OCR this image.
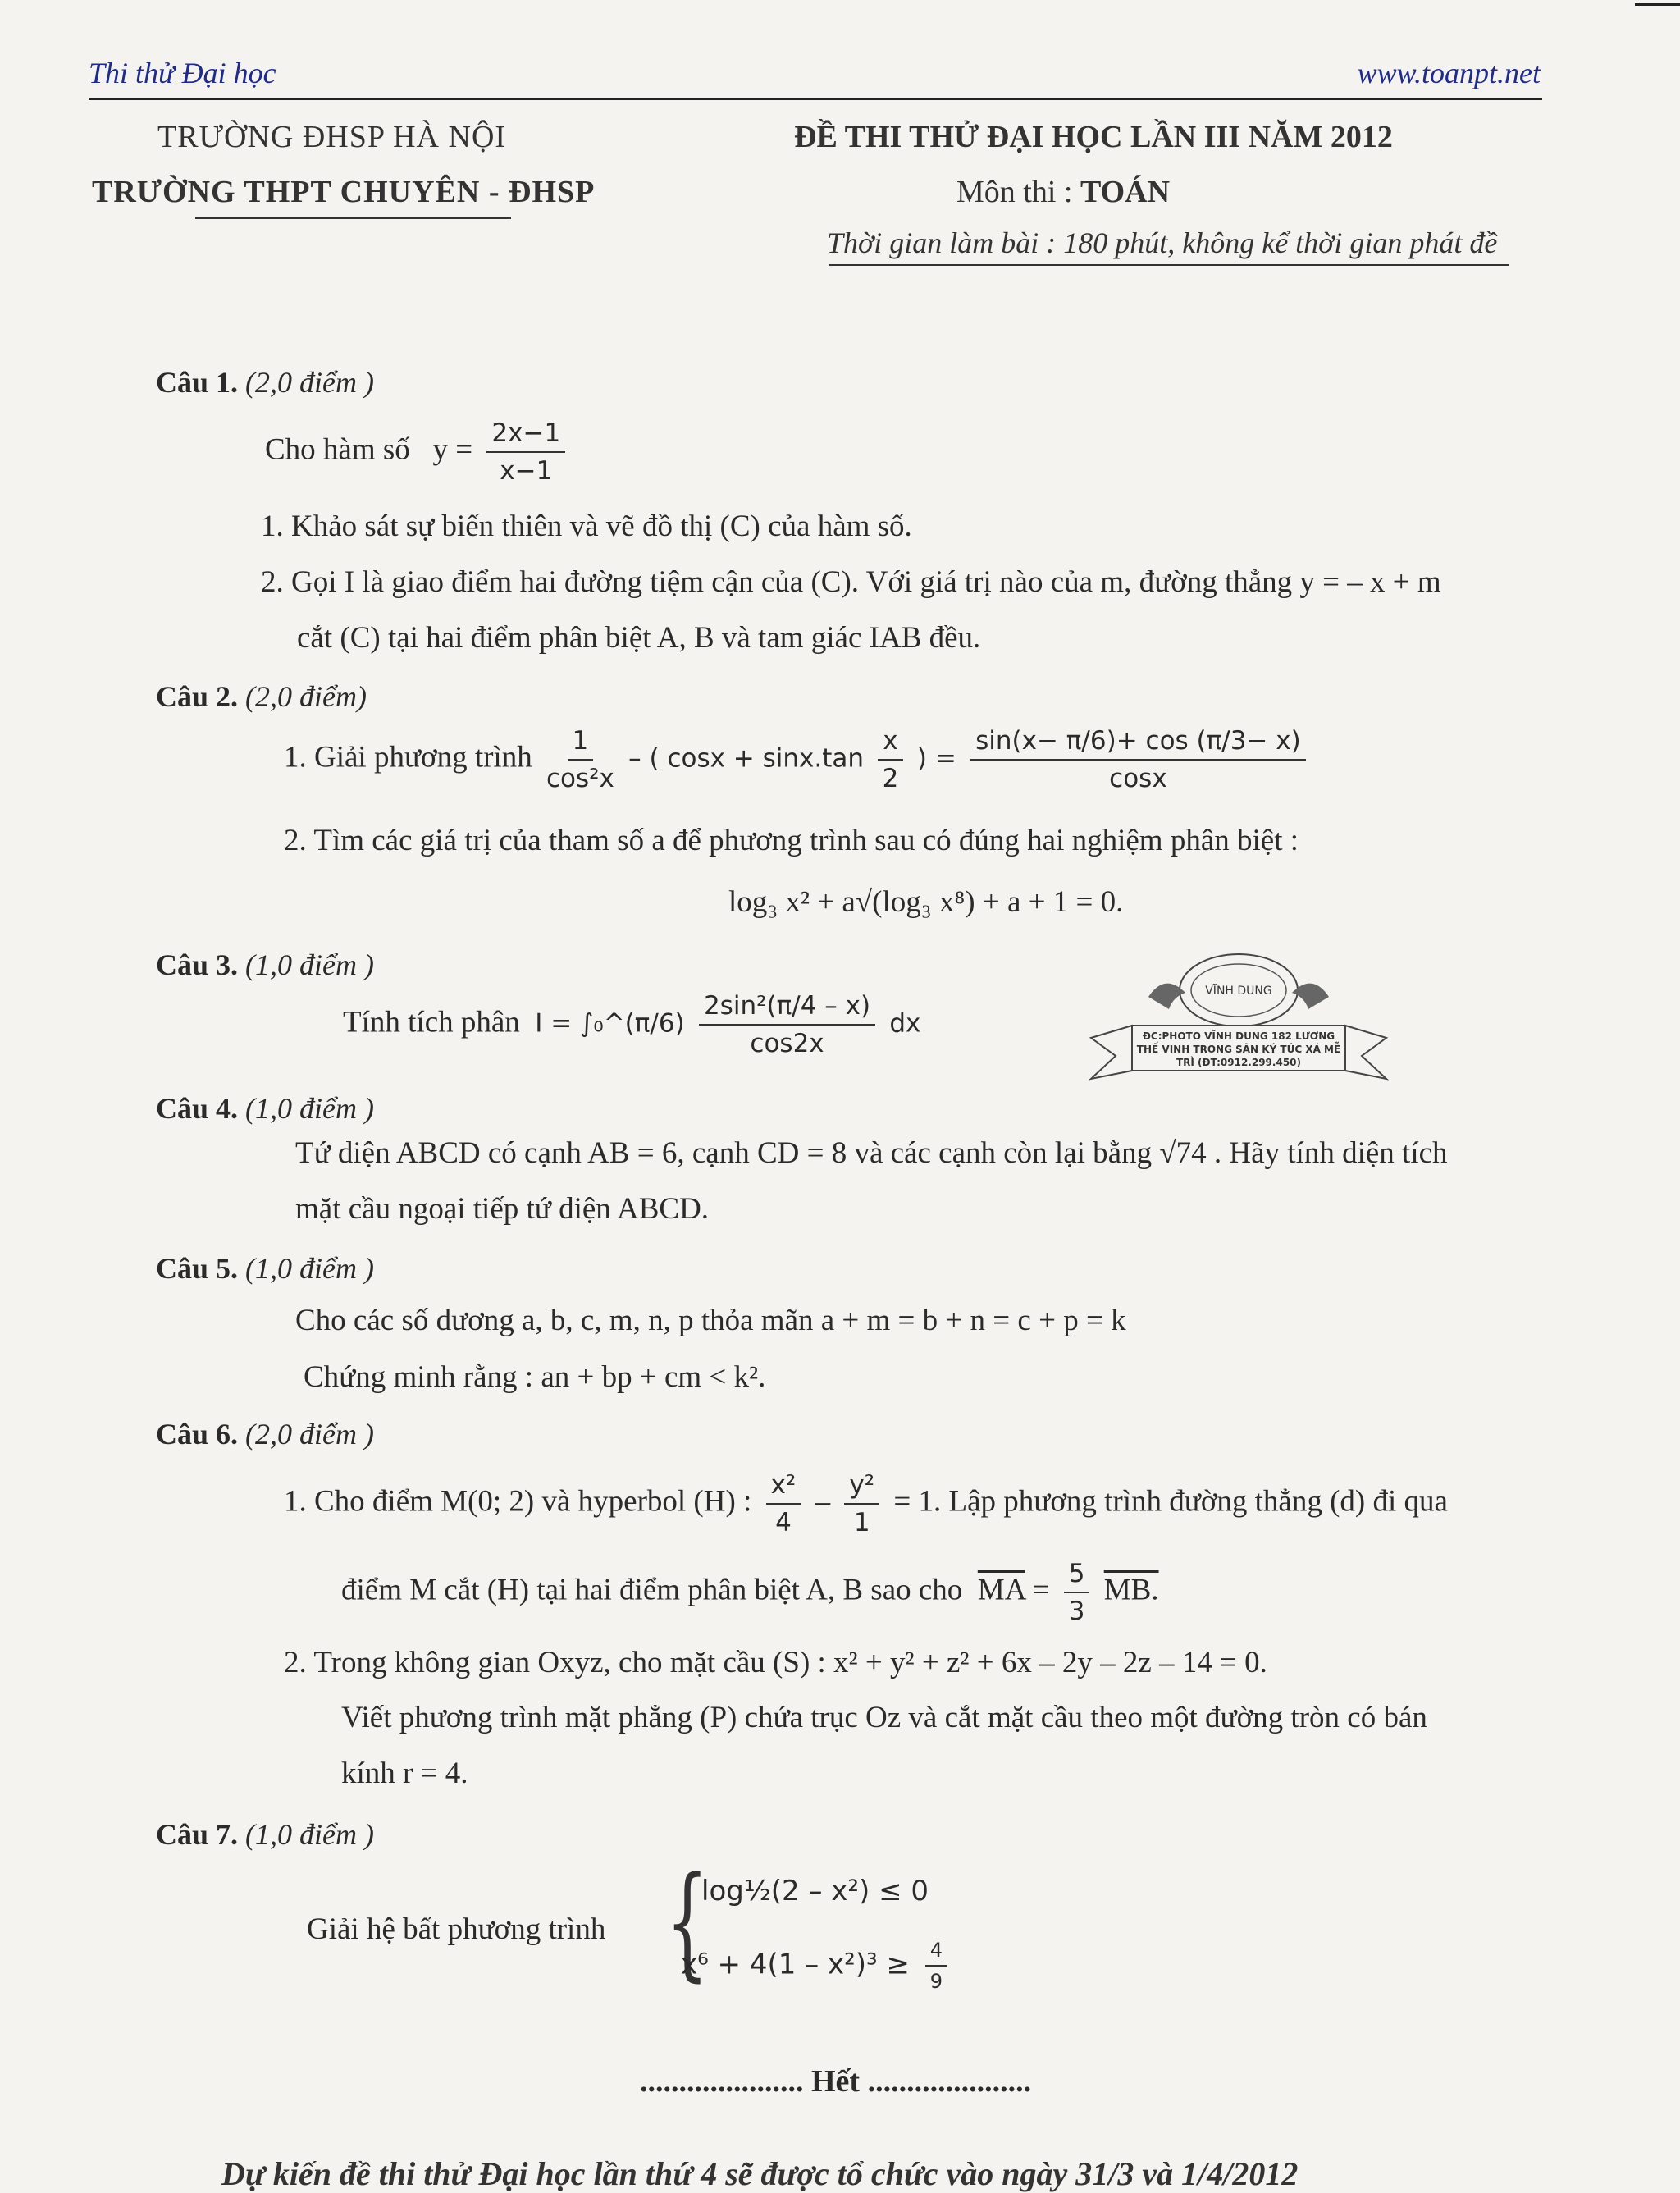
Thi thử Đại học	www.toanpt.net
TRƯỜNG ĐHSP HÀ NỘI
TRƯỜNG THPT CHUYÊN - ĐHSP
ĐỀ THI THỬ ĐẠI HỌC LẦN III NĂM 2012
Môn thi : TOÁN
Thời gian làm bài : 180 phút, không kể thời gian phát đề
Câu 1. (2,0 điểm )
Cho hàm số $y = \frac{2x-1}{x-1}$
1. Khảo sát sự biến thiên và vẽ đồ thị (C) của hàm số.
2. Gọi I là giao điểm hai đường tiệm cận của (C). Với giá trị nào của m, đường thẳng y = – x + m
cắt (C) tại hai điểm phân biệt A, B và tam giác IAB đều.
Câu 2. (2,0 điểm)
1. Giải phương trình $\frac{1}{\text{cos²x}}$ – ( $\cos x + \sin x.\tan \frac{x}{2}$ ) = $\frac{\sin(x- \pi/6)+ \cos (\pi/3- x)}{\cos x}$
2. Tìm các giá trị của tham số a để phương trình sau có đúng hai nghiệm phân biệt :
log₃ x² + a√(log₃ x⁸) + a + 1 = 0.
Câu 3. (1,0 điểm )
Tính tích phân I = ∫₀^(π/6) $\frac{\text{2sin²(π/4 – x)}}{\cos 2x}$ dx
VĨNH DUNG
ĐC:PHOTO VĨNH DUNG 182 LƯƠNG
THẾ VINH TRONG SÂN KÝ TÚC XÁ MỄ
TRÌ (ĐT:0912.299.450)
Câu 4. (1,0 điểm )
Tứ diện ABCD có cạnh AB = 6, cạnh CD = 8 và các cạnh còn lại bằng √74 . Hãy tính diện tích
mặt cầu ngoại tiếp tứ diện ABCD.
Câu 5. (1,0 điểm )
Cho các số dương a, b, c, m, n, p thỏa mãn a + m = b + n = c + p = k
Chứng minh rằng : an + bp + cm < k².
Câu 6. (2,0 điểm )
1. Cho điểm M(0; 2) và hyperbol (H) : $\frac{\text{x²}}{4} - \frac{\text{y²}}{1} = 1$. Lập phương trình đường thẳng (d) đi qua
điểm M cắt (H) tại hai điểm phân biệt A, B sao cho $\overline{MA} = \frac{5}{3}$ MB.
2. Trong không gian Oxyz, cho mặt cầu (S) : x² + y² + z² + 6x – 2y – 2z – 14 = 0.
Viết phương trình mặt phẳng (P) chứa trục Oz và cắt mặt cầu theo một đường tròn có bán
kính r = 4.
Câu 7. (1,0 điểm )
Giải hệ bất phương trình {
log½(2 – x²) ≤ 0
$x^6 + 4(1 - x^2)^3 \ge \frac{4}{9}$
..................... Hết .....................
Dự kiến đề thi thử Đại học lần thứ 4 sẽ được tổ chức vào ngày 31/3 và 1/4/2012
